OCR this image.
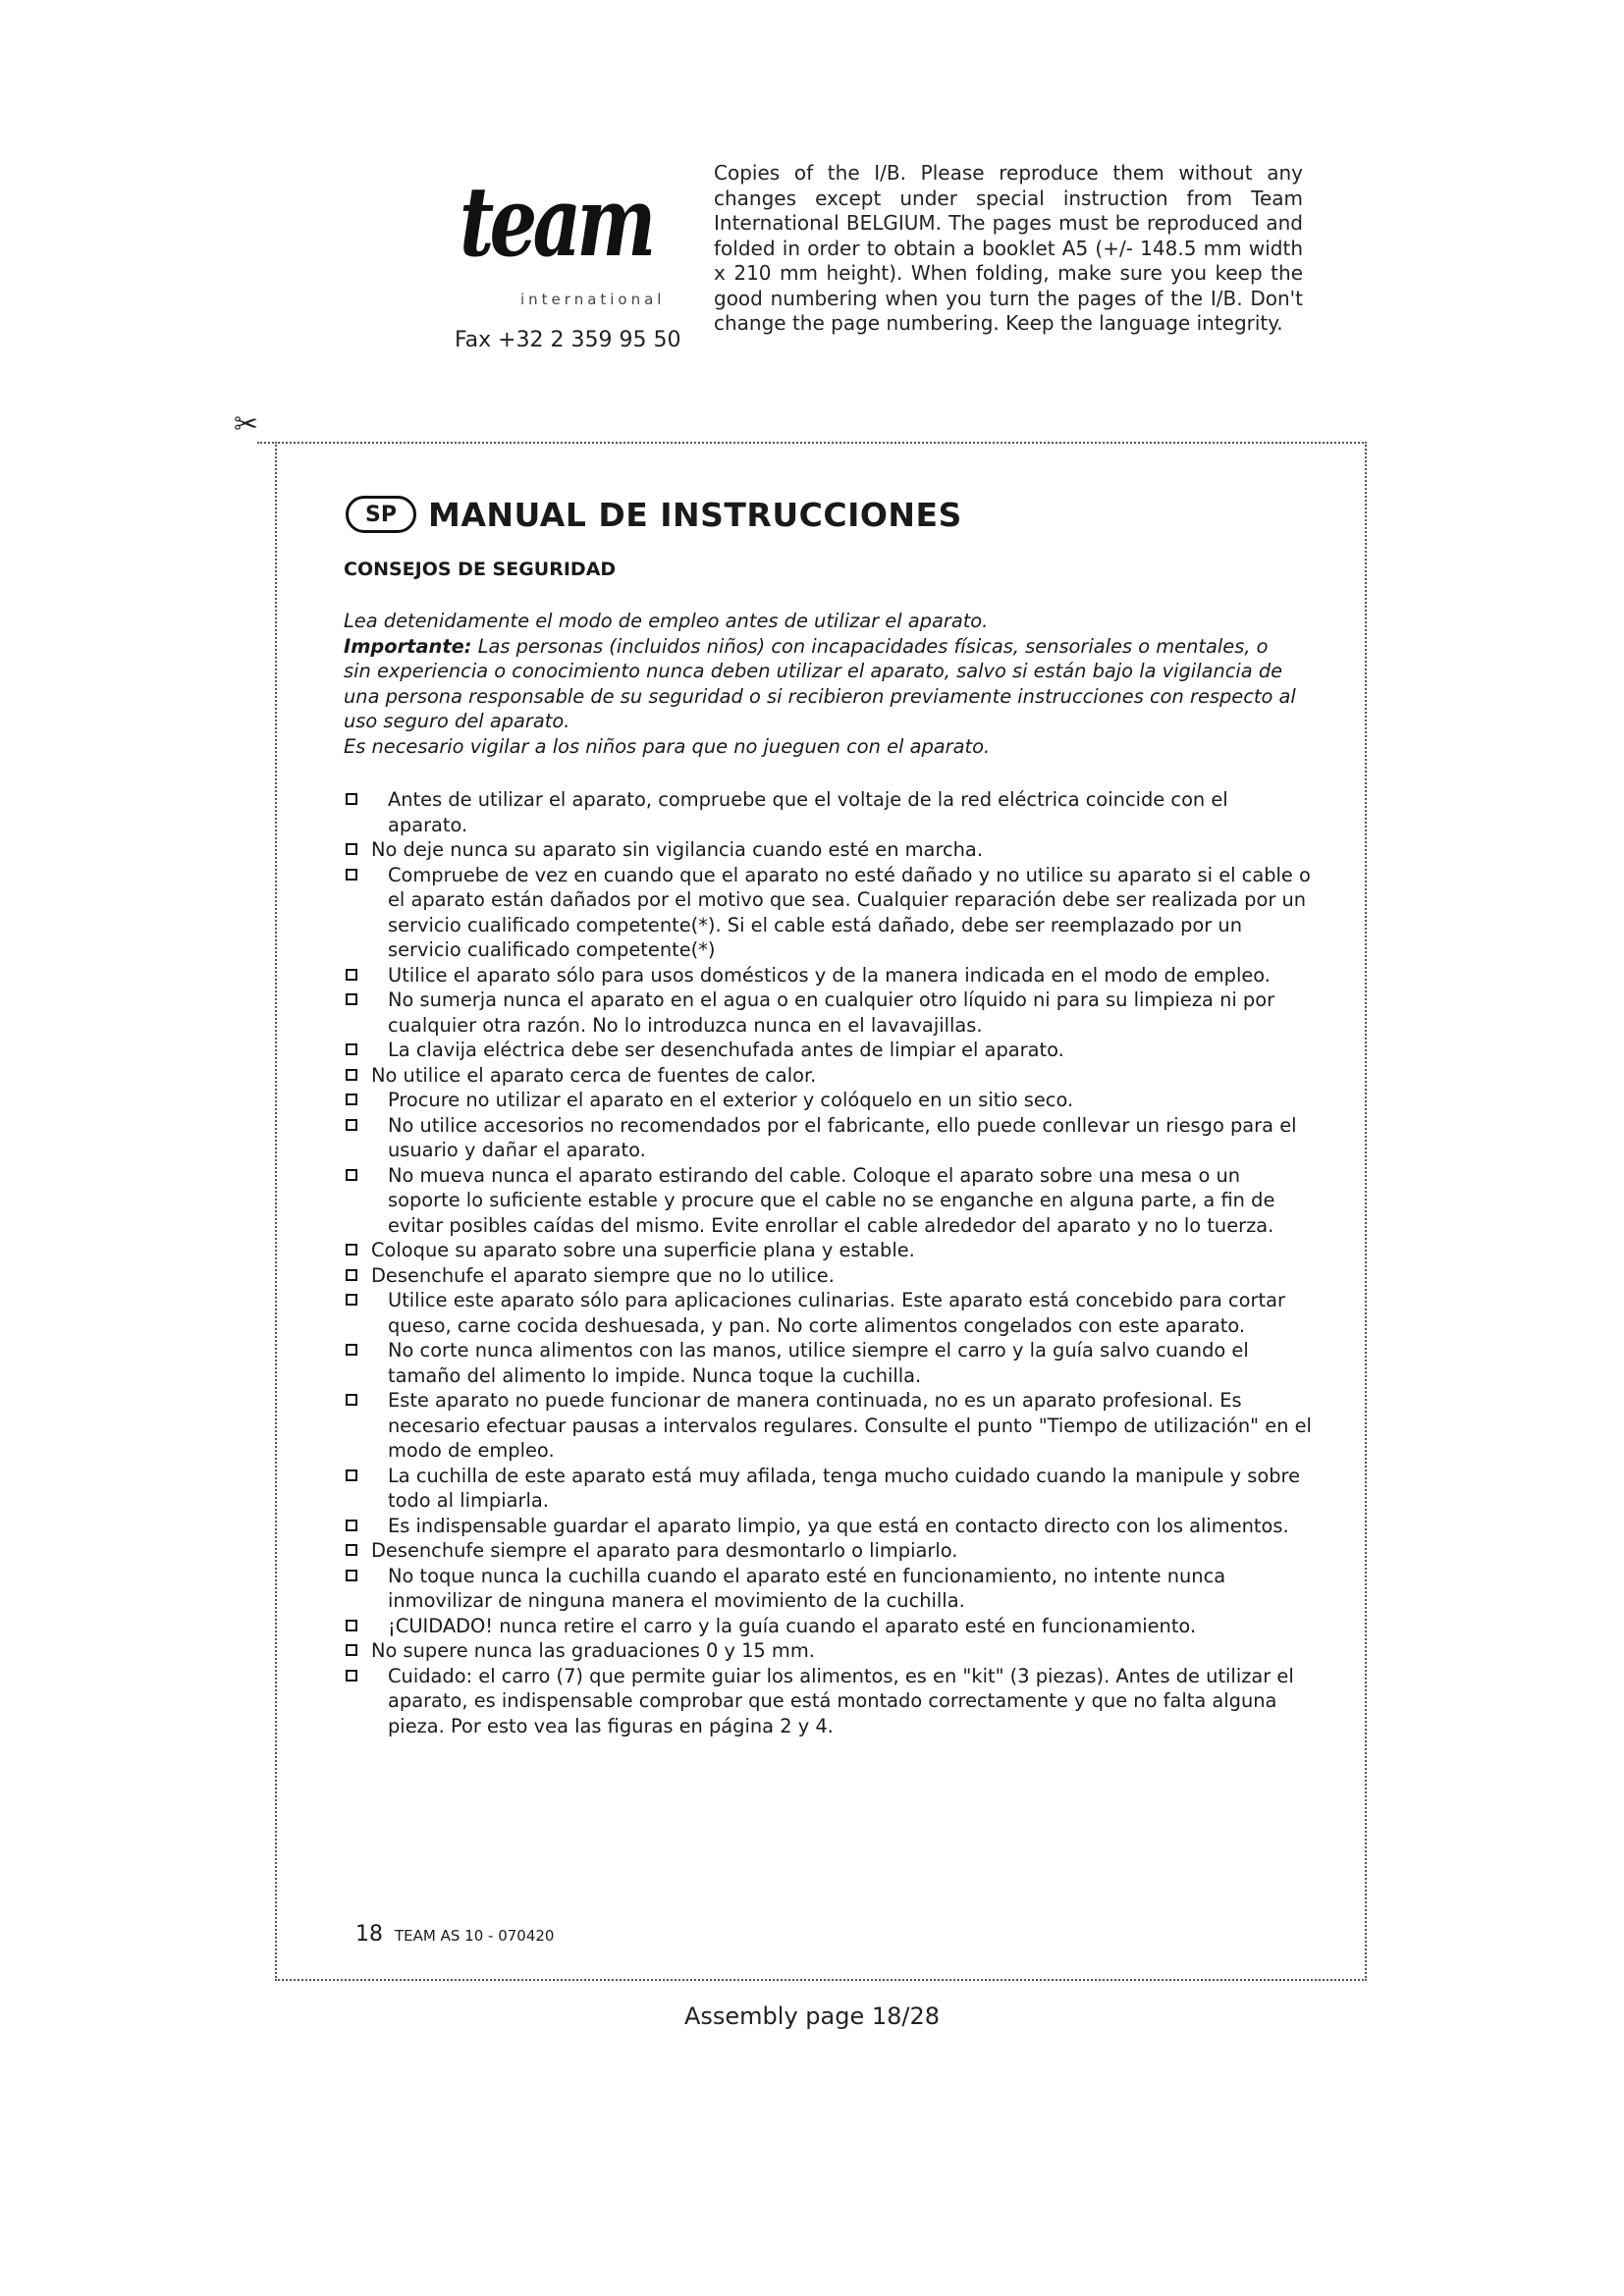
team
international
Fax +32 2 359 95 50
Copies of the I/B. Please reproduce them without any changes except under special instruction from Team International BELGIUM. The pages must be reproduced and folded in order to obtain a booklet A5 (+/- 148.5 mm width x 210 mm height). When folding, make sure you keep the good numbering when you turn the pages of the I/B. Don't change the page numbering. Keep the language integrity.
✂
SP MANUAL DE INSTRUCCIONES
CONSEJOS DE SEGURIDAD

Lea detenidamente el modo de empleo antes de utilizar el aparato.

Importante: Las personas (incluidos niños) con incapacidades físicas, sensoriales o mentales, o sin experiencia o conocimiento nunca deben utilizar el aparato, salvo si están bajo la vigilancia de una persona responsable de su seguridad o si recibieron previamente instrucciones con respecto al uso seguro del aparato.

Es necesario vigilar a los niños para que no jueguen con el aparato.

Antes de utilizar el aparato, compruebe que el voltaje de la red eléctrica coincide con el aparato.
No deje nunca su aparato sin vigilancia cuando esté en marcha.
Compruebe de vez en cuando que el aparato no esté dañado y no utilice su aparato si el cable o el aparato están dañados por el motivo que sea. Cualquier reparación debe ser realizada por un servicio cualificado competente(*). Si el cable está dañado, debe ser reemplazado por un servicio cualificado competente(*)
Utilice el aparato sólo para usos domésticos y de la manera indicada en el modo de empleo.
No sumerja nunca el aparato en el agua o en cualquier otro líquido ni para su limpieza ni por cualquier otra razón. No lo introduzca nunca en el lavavajillas.
La clavija eléctrica debe ser desenchufada antes de limpiar el aparato.
No utilice el aparato cerca de fuentes de calor.
Procure no utilizar el aparato en el exterior y colóquelo en un sitio seco.
No utilice accesorios no recomendados por el fabricante, ello puede conllevar un riesgo para el usuario y dañar el aparato.
No mueva nunca el aparato estirando del cable. Coloque el aparato sobre una mesa o un soporte lo suficiente estable y procure que el cable no se enganche en alguna parte, a fin de evitar posibles caídas del mismo. Evite enrollar el cable alrededor del aparato y no lo tuerza.
Coloque su aparato sobre una superficie plana y estable.
Desenchufe el aparato siempre que no lo utilice.
Utilice este aparato sólo para aplicaciones culinarias. Este aparato está concebido para cortar queso, carne cocida deshuesada, y pan. No corte alimentos congelados con este aparato.
No corte nunca alimentos con las manos, utilice siempre el carro y la guía salvo cuando el tamaño del alimento lo impide. Nunca toque la cuchilla.
Este aparato no puede funcionar de manera continuada, no es un aparato profesional. Es necesario efectuar pausas a intervalos regulares. Consulte el punto "Tiempo de utilización" en el modo de empleo.
La cuchilla de este aparato está muy afilada, tenga mucho cuidado cuando la manipule y sobre todo al limpiarla.
Es indispensable guardar el aparato limpio, ya que está en contacto directo con los alimentos.
Desenchufe siempre el aparato para desmontarlo o limpiarlo.
No toque nunca la cuchilla cuando el aparato esté en funcionamiento, no intente nunca inmovilizar de ninguna manera el movimiento de la cuchilla.
¡CUIDADO! nunca retire el carro y la guía cuando el aparato esté en funcionamiento.
No supere nunca las graduaciones 0 y 15 mm.
Cuidado: el carro (7) que permite guiar los alimentos, es en "kit" (3 piezas). Antes de utilizar el aparato, es indispensable comprobar que está montado correctamente y que no falta alguna pieza. Por esto vea las figuras en página 2 y 4.
18 TEAM AS 10 - 070420
Assembly page 18/28
